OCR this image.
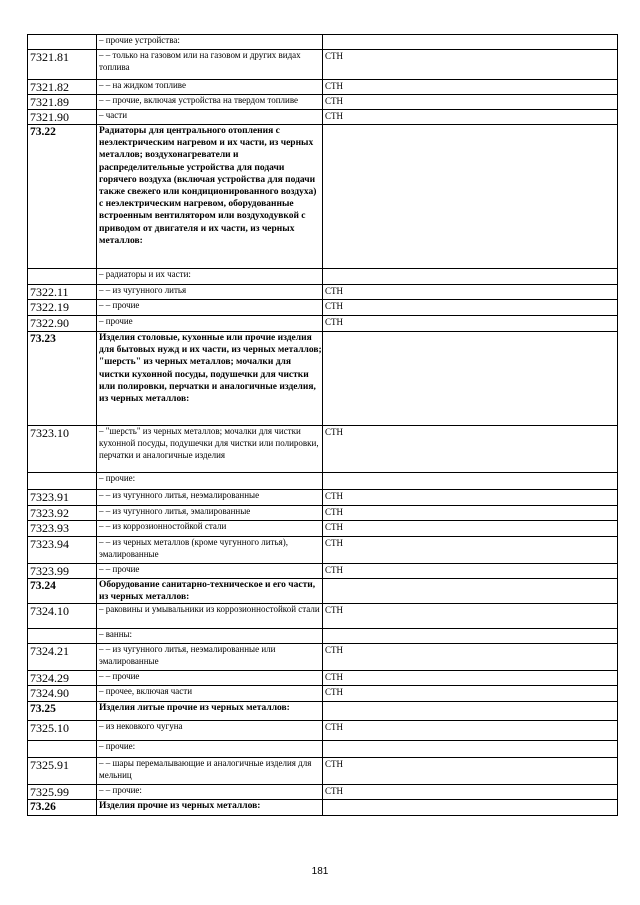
	– прочие устройства:	
7321.81	– – только на газовом или на газовом и других видах топлива	СТН
7321.82	– – на жидком топливе	СТН
7321.89	– – прочие, включая устройства на твердом топливе	СТН
7321.90	– части	СТН
73.22	Радиаторы для центрального отопления с неэлектрическим нагревом и их части, из черных металлов; воздухонагреватели и распределительные устройства для подачи горячего воздуха (включая устройства для подачи также свежего или кондиционированного воздуха) с неэлектрическим нагревом, оборудованные встроенным вентилятором или воздуходувкой с приводом от двигателя и их части, из черных металлов:	
	– радиаторы и их части:	
7322.11	– – из чугунного литья	СТН
7322.19	– – прочие	СТН
7322.90	– прочие	СТН
73.23	Изделия столовые, кухонные или прочие изделия для бытовых нужд и их части, из черных металлов; "шерсть" из черных металлов; мочалки для чистки кухонной посуды, подушечки для чистки или полировки, перчатки и аналогичные изделия, из черных металлов:	
7323.10	– "шерсть" из черных металлов; мочалки для чистки кухонной посуды, подушечки для чистки или полировки, перчатки и аналогичные изделия	СТН
	– прочие:	
7323.91	– – из чугунного литья, неэмалированные	СТН
7323.92	– – из чугунного литья, эмалированные	СТН
7323.93	– – из коррозионностойкой стали	СТН
7323.94	– – из черных металлов (кроме чугунного литья), эмалированные	СТН
7323.99	– – прочие	СТН
73.24	Оборудование санитарно-техническое и его части, из черных металлов:	
7324.10	– раковины и умывальники из коррозионностойкой стали	СТН
	– ванны:	
7324.21	– – из чугунного литья, неэмалированные или эмалированные	СТН
7324.29	– – прочие	СТН
7324.90	– прочее, включая части	СТН
73.25	Изделия литые прочие из черных металлов:	
7325.10	– из нековкого чугуна	СТН
	– прочие:	
7325.91	– – шары перемалывающие и аналогичные изделия для мельниц	СТН
7325.99	– – прочие:	СТН
73.26	Изделия прочие из черных металлов:	
181
